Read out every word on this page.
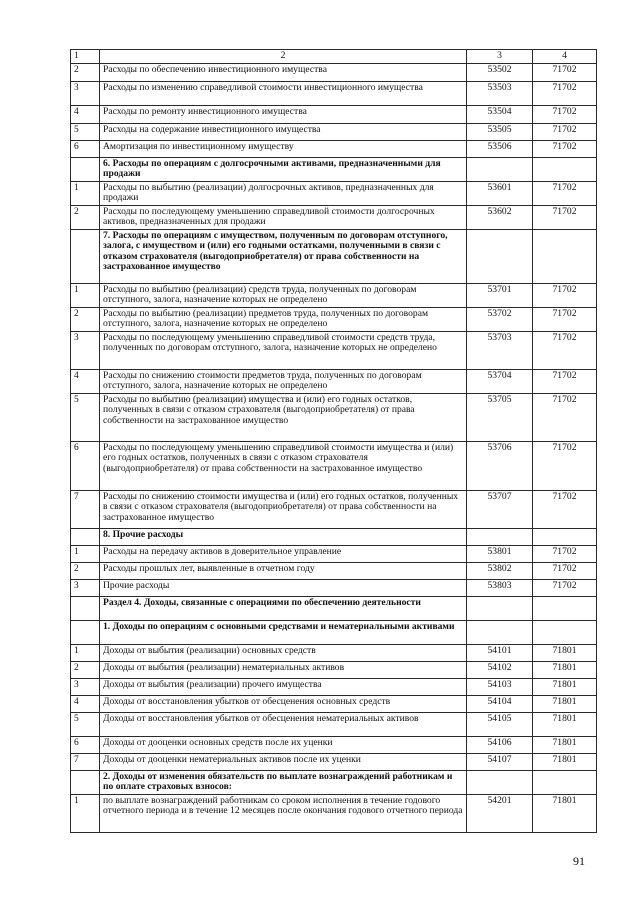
1	2	3	4
2	Расходы по обеспечению инвестиционного имущества	53502	71702
3	Расходы по изменению справедливой стоимости инвестиционного имущества	53503	71702
4	Расходы по ремонту инвестиционного имущества	53504	71702
5	Расходы на содержание инвестиционного имущества	53505	71702
6	Амортизация по инвестиционному имуществу	53506	71702
	6. Расходы по операциям с долгосрочными активами, предназначенными для продажи		
1	Расходы по выбытию (реализации) долгосрочных активов, предназначенных для продажи	53601	71702
2	Расходы по последующему уменьшению справедливой стоимости долгосрочных активов, предназначенных для продажи	53602	71702
	7. Расходы по операциям с имуществом, полученным по договорам отступного, залога, с имуществом и (или) его годными остатками, полученными в связи с отказом страхователя (выгодоприобретателя) от права собственности на застрахованное имущество		
1	Расходы по выбытию (реализации) средств труда, полученных по договорам отступного, залога, назначение которых не определено	53701	71702
2	Расходы по выбытию (реализации) предметов труда, полученных по договорам отступного, залога, назначение которых не определено	53702	71702
3	Расходы по последующему уменьшению справедливой стоимости средств труда, полученных по договорам отступного, залога, назначение которых не определено	53703	71702
4	Расходы по снижению стоимости предметов труда, полученных по договорам отступного, залога, назначение которых не определено	53704	71702
5	Расходы по выбытию (реализации) имущества и (или) его годных остатков, полученных в связи с отказом страхователя (выгодоприобретателя) от права собственности на застрахованное имущество	53705	71702
6	Расходы по последующему уменьшению справедливой стоимости имущества и (или) его годных остатков, полученных в связи с отказом страхователя (выгодоприобретателя) от права собственности на застрахованное имущество	53706	71702
7	Расходы по снижению стоимости имущества и (или) его годных остатков, полученных в связи с отказом страхователя (выгодоприобретателя) от права собственности на застрахованное имущество	53707	71702
	8. Прочие расходы		
1	Расходы на передачу активов в доверительное управление	53801	71702
2	Расходы прошлых лет, выявленные в отчетном году	53802	71702
3	Прочие расходы	53803	71702
	Раздел 4. Доходы, связанные с операциями по обеспечению деятельности		
	1. Доходы по операциям с основными средствами и нематериальными активами		
1	Доходы от выбытия (реализации) основных средств	54101	71801
2	Доходы от выбытия (реализации) нематериальных активов	54102	71801
3	Доходы от выбытия (реализации) прочего имущества	54103	71801
4	Доходы от восстановления убытков от обесценения основных средств	54104	71801
5	Доходы от восстановления убытков от обесценения нематериальных активов	54105	71801
6	Доходы от дооценки основных средств после их уценки	54106	71801
7	Доходы от дооценки нематериальных активов после их уценки	54107	71801
	2. Доходы от изменения обязательств по выплате вознаграждений работникам и по оплате страховых взносов:		
1	по выплате вознаграждений работникам со сроком исполнения в течение годового отчетного периода и в течение 12 месяцев после окончания годового отчетного периода	54201	71801
91
